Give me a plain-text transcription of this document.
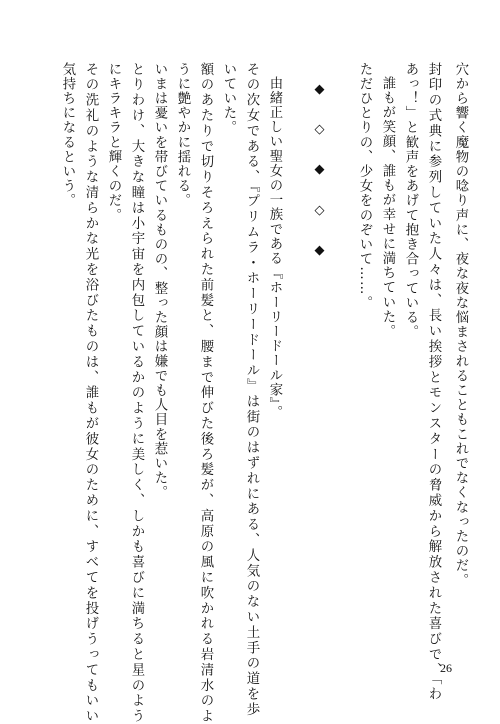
穴から響く魔物の唸り声に、夜な夜な悩まされることもこれでなくなったのだ。
封印の式典に参列していた人々は、長い挨拶とモンスターの脅威から解放された喜びで、「わ
あっ！」と歓声をあげて抱き合っている。
誰もが笑顔、誰もが幸せに満ちていた。
ただひとりの、少女をのぞいて……。
◆◇◆◇◆
由緒正しい聖女の一族である『ホーリードール家』。
その次女である、『プリムラ・ホーリードール』は街のはずれにある、人気のない土手の道を歩
いていた。
額のあたりで切りそろえられた前髪と、腰まで伸びた後ろ髪が、高原の風に吹かれる岩清水のよ
うに艶やかに揺れる。
いまは憂いを帯びているものの、整った顔は嫌でも人目を惹いた。
とりわけ、大きな瞳は小宇宙を内包しているかのように美しく、しかも喜びに満ちると星のよう
にキラキラと輝くのだ。
その洗礼のような清らかな光を浴びたものは、誰もが彼女のために、すべてを投げうってもいい
気持ちになるという。
26
